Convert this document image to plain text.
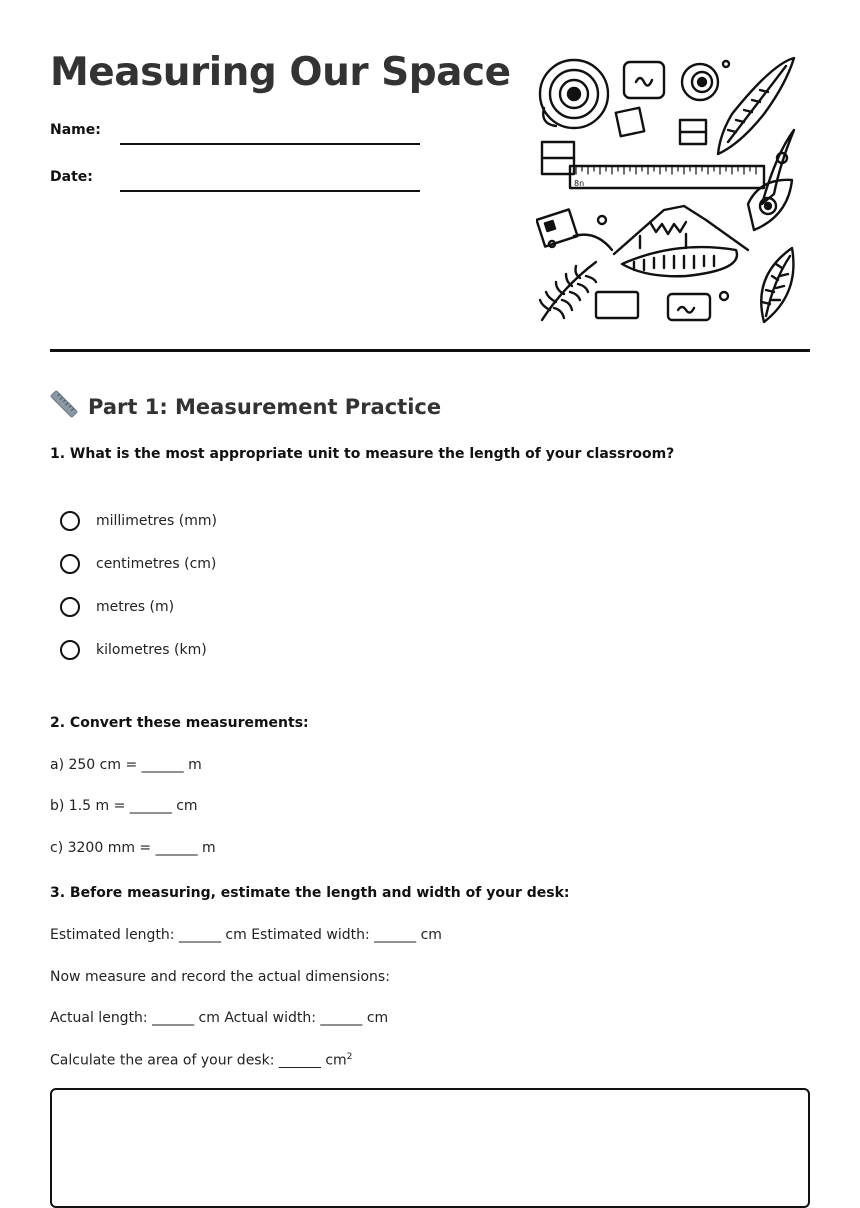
Measuring Our Space
Name:
Date:	8n
Part 1: Measurement Practice

1. What is the most appropriate unit to measure the length of your classroom?

millimetres (mm)
centimetres (cm)
metres (m)
kilometres (km)

2. Convert these measurements:

a) 250 cm = ______ m
b) 1.5 m = ______ cm
c) 3200 mm = ______ m

3. Before measuring, estimate the length and width of your desk:

Estimated length: ______ cm Estimated width: ______ cm
Now measure and record the actual dimensions:
Actual length: ______ cm Actual width: ______ cm
Calculate the area of your desk: ______ $cm^2$
